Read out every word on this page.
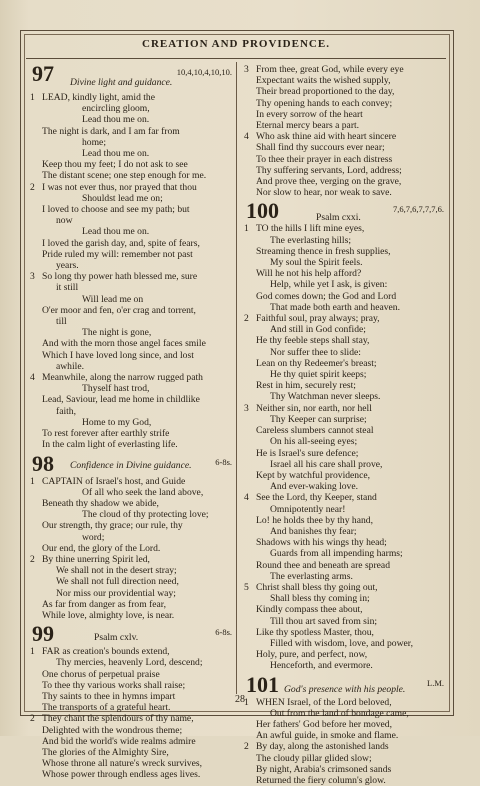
CREATION AND PROVIDENCE.
97	10,4,10,4,10,10.
Divine light and guidance.
1 LEAD, kindly light, amid the
encircling gloom,
Lead thou me on.
The night is dark, and I am far from
home;
Lead thou me on.
Keep thou my feet; I do not ask to see
The distant scene; one step enough for me.
2 I was not ever thus, nor prayed that thou
Shouldst lead me on;
I loved to choose and see my path; but
now
Lead thou me on.
I loved the garish day, and, spite of fears,
Pride ruled my will: remember not past
years.
3 So long thy power hath blessed me, sure
it still
Will lead me on
O'er moor and fen, o'er crag and torrent,
till
The night is gone,
And with the morn those angel faces smile
Which I have loved long since, and lost
awhile.
4 Meanwhile, along the narrow rugged path
Thyself hast trod,
Lead, Saviour, lead me home in childlike
faith,
Home to my God,
To rest forever after earthly strife
In the calm light of everlasting life.
98	6-8s.
Confidence in Divine guidance.
1 CAPTAIN of Israel's host, and Guide
Of all who seek the land above,
Beneath thy shadow we abide,
The cloud of thy protecting love;
Our strength, thy grace; our rule, thy
word;
Our end, the glory of the Lord.
2 By thine unerring Spirit led,
We shall not in the desert stray;
We shall not full direction need,
Nor miss our providential way;
As far from danger as from fear,
While love, almighty love, is near.
99	6-8s.
Psalm cxlv.
1 FAR as creation's bounds extend,
Thy mercies, heavenly Lord, descend;
One chorus of perpetual praise
To thee thy various works shall raise;
Thy saints to thee in hymns impart
The transports of a grateful heart.
2 They chant the splendours of thy name,
Delighted with the wondrous theme;
And bid the world's wide realms admire
The glories of the Almighty Sire,
Whose throne all nature's wreck survives,
Whose power through endless ages lives.
3 From thee, great God, while every eye
Expectant waits the wished supply,
Their bread proportioned to the day,
Thy opening hands to each convey;
In every sorrow of the heart
Eternal mercy bears a part.
4 Who ask thine aid with heart sincere
Shall find thy succours ever near;
To thee their prayer in each distress
Thy suffering servants, Lord, address;
And prove thee, verging on the grave,
Nor slow to hear, nor weak to save.
100	7,6,7,6,7,7,7,6.
Psalm cxxi.
1 TO the hills I lift mine eyes,
The everlasting hills;
Streaming thence in fresh supplies,
My soul the Spirit feels.
Will he not his help afford?
Help, while yet I ask, is given:
God comes down; the God and Lord
That made both earth and heaven.
2 Faithful soul, pray always; pray,
And still in God confide;
He thy feeble steps shall stay,
Nor suffer thee to slide:
Lean on thy Redeemer's breast;
He thy quiet spirit keeps;
Rest in him, securely rest;
Thy Watchman never sleeps.
3 Neither sin, nor earth, nor hell
Thy Keeper can surprise;
Careless slumbers cannot steal
On his all-seeing eyes;
He is Israel's sure defence;
Israel all his care shall prove,
Kept by watchful providence,
And ever-waking love.
4 See the Lord, thy Keeper, stand
Omnipotently near!
Lo! he holds thee by thy hand,
And banishes thy fear;
Shadows with his wings thy head;
Guards from all impending harms;
Round thee and beneath are spread
The everlasting arms.
5 Christ shall bless thy going out,
Shall bless thy coming in;
Kindly compass thee about,
Till thou art saved from sin;
Like thy spotless Master, thou,
Filled with wisdom, love, and power,
Holy, pure, and perfect, now,
Henceforth, and evermore.
101	L.M.
God's presence with his people.
1 WHEN Israel, of the Lord beloved,
Out from the land of bondage came,
Her fathers' God before her moved,
An awful guide, in smoke and flame.
2 By day, along the astonished lands
The cloudy pillar glided slow;
By night, Arabia's crimsoned sands
Returned the fiery column's glow.
28
